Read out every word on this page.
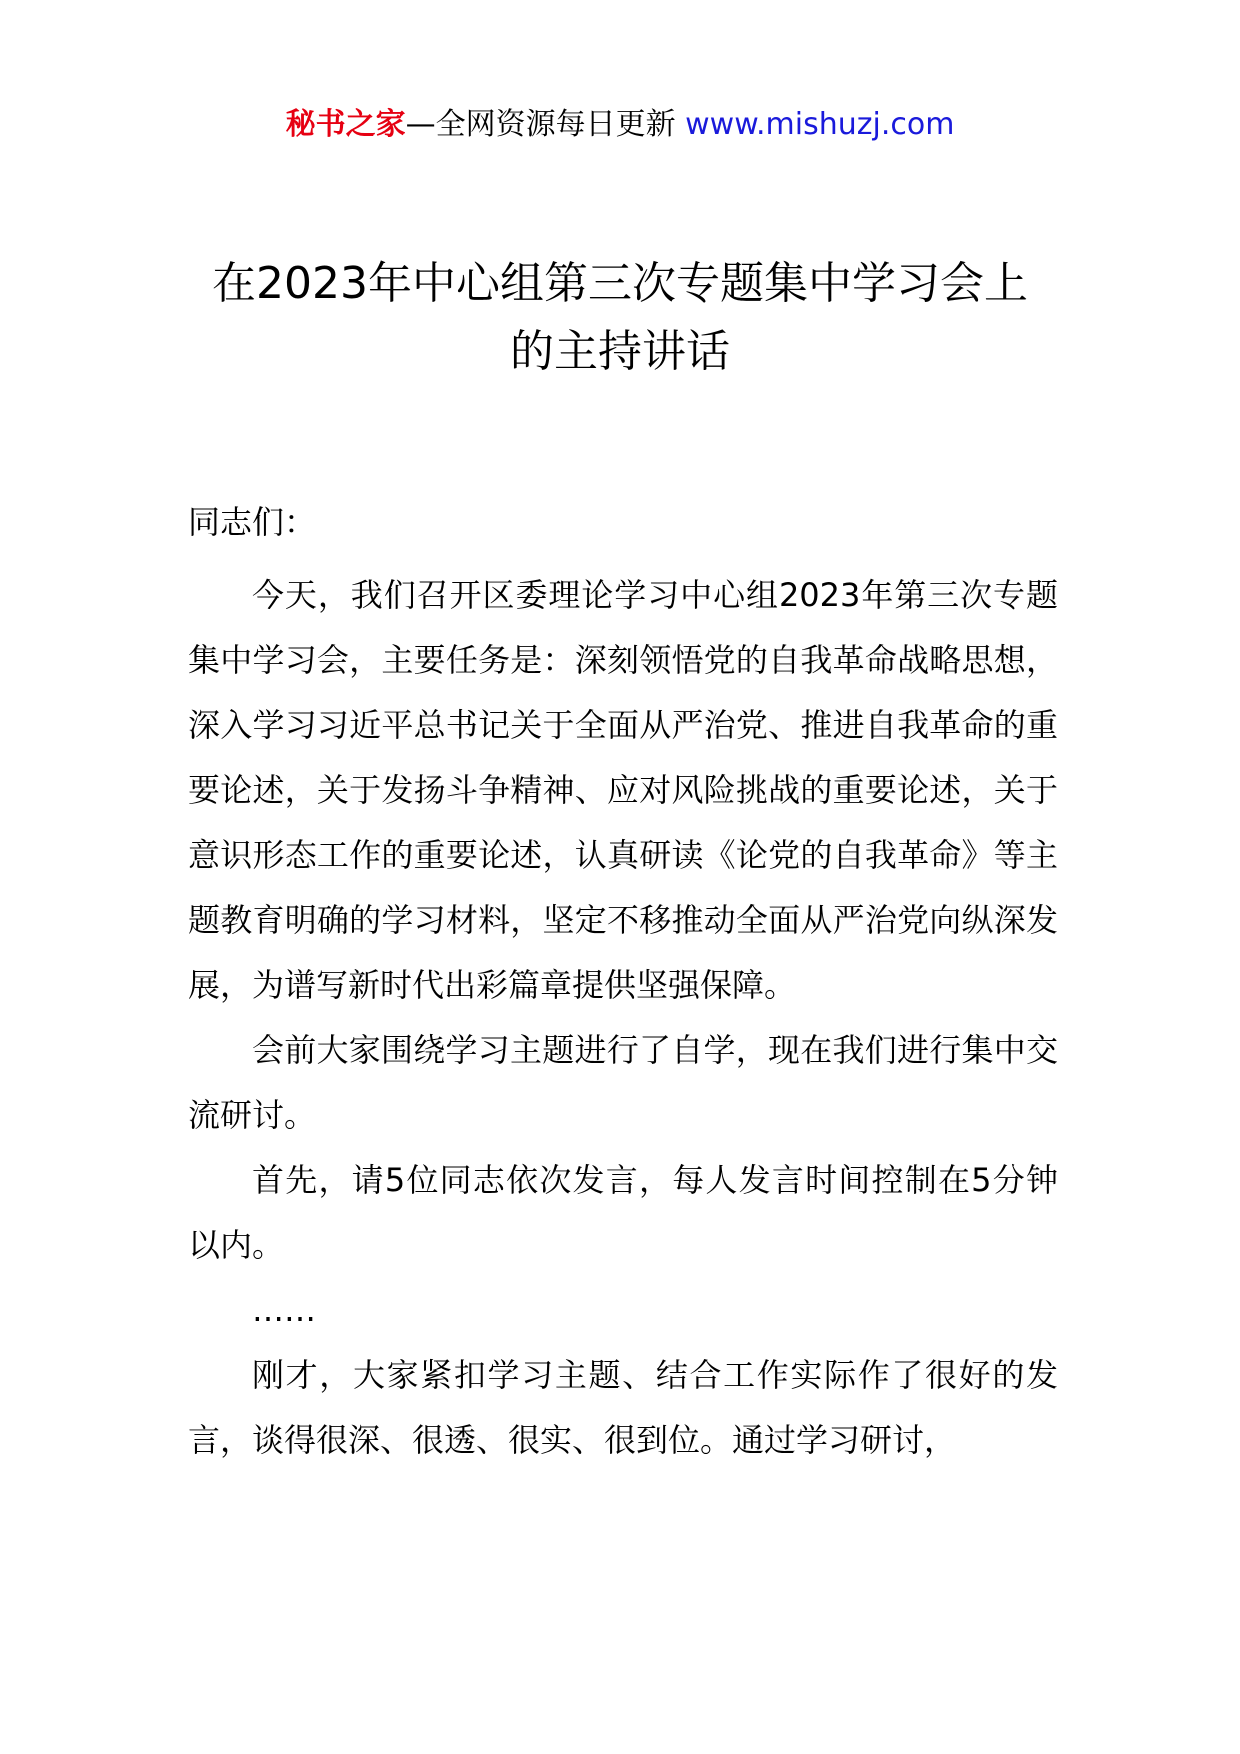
秘书之家—全网资源每日更新 www.mishuzj.com
在2023年中心组第三次专题集中学习会上
的主持讲话

同志们：

今天，我们召开区委理论学习中心组2023年第三次专题集中学习会，主要任务是：深刻领悟党的自我革命战略思想，深入学习习近平总书记关于全面从严治党、推进自我革命的重要论述，关于发扬斗争精神、应对风险挑战的重要论述，关于意识形态工作的重要论述，认真研读《论党的自我革命》等主题教育明确的学习材料，坚定不移推动全面从严治党向纵深发展，为谱写新时代出彩篇章提供坚强保障。

会前大家围绕学习主题进行了自学，现在我们进行集中交流研讨。

首先，请5位同志依次发言，每人发言时间控制在5分钟以内。

……

刚才，大家紧扣学习主题、结合工作实际作了很好的发言，谈得很深、很透、很实、很到位。通过学习研讨，
